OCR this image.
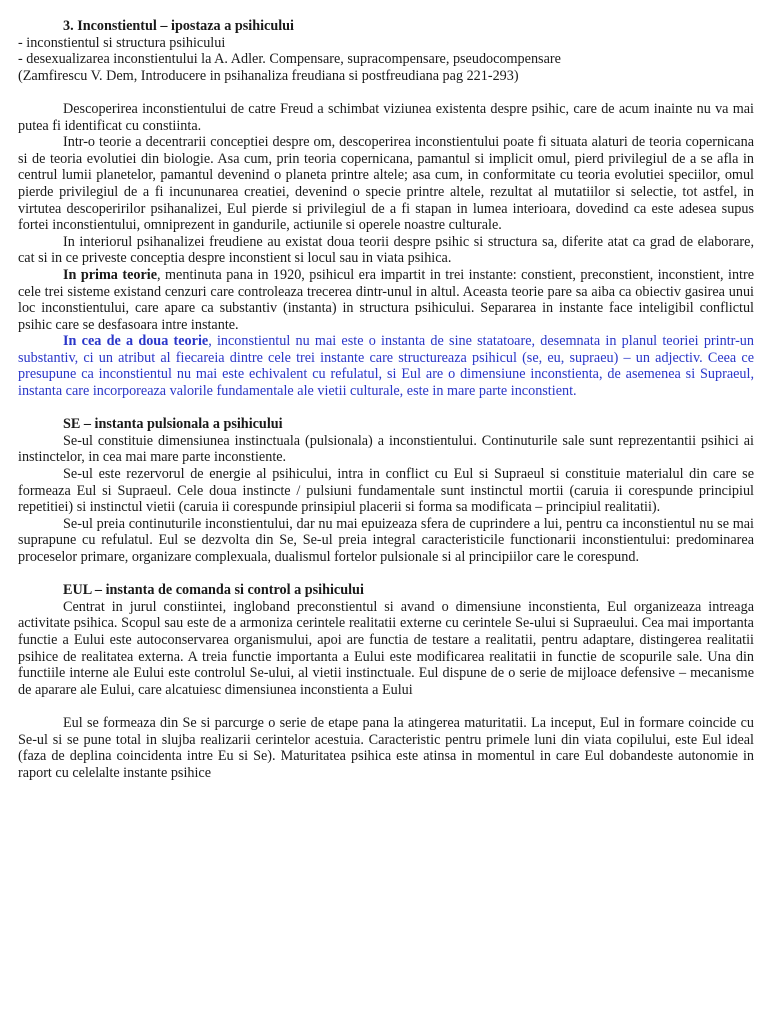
3. Inconstientul – ipostaza a psihicului
- inconstientul si structura psihicului
- desexualizarea inconstientului la A. Adler. Compensare, supracompensare, pseudocompensare
(Zamfirescu V. Dem, Introducere in psihanaliza freudiana si postfreudiana pag 221-293)

Descoperirea inconstientului de catre Freud a schimbat viziunea existenta despre psihic, care de acum inainte nu va mai putea fi identificat cu constiinta.

Intr-o teorie a decentrarii conceptiei despre om, descoperirea inconstientului poate fi situata alaturi de teoria copernicana si de teoria evolutiei din biologie. Asa cum, prin teoria copernicana, pamantul si implicit omul, pierd privilegiul de a se afla in centrul lumii planetelor, pamantul devenind o planeta printre altele; asa cum, in conformitate cu teoria evolutiei speciilor, omul pierde privilegiul de a fi incununarea creatiei, devenind o specie printre altele, rezultat al mutatiilor si selectie, tot astfel, in virtutea descoperirilor psihanalizei, Eul pierde si privilegiul de a fi stapan in lumea interioara, dovedind ca este adesea supus fortei inconstientului, omniprezent in gandurile, actiunile si operele noastre culturale.

In interiorul psihanalizei freudiene au existat doua teorii despre psihic si structura sa, diferite atat ca grad de elaborare, cat si in ce priveste conceptia despre inconstient si locul sau in viata psihica.

In prima teorie, mentinuta pana in 1920, psihicul era impartit in trei instante: constient, preconstient, inconstient, intre cele trei sisteme existand cenzuri care controleaza trecerea dintr-unul in altul. Aceasta teorie pare sa aiba ca obiectiv gasirea unui loc inconstientului, care apare ca substantiv (instanta) in structura psihicului. Separarea in instante face inteligibil conflictul psihic care se desfasoara intre instante.

In cea de a doua teorie, inconstientul nu mai este o instanta de sine statatoare, desemnata in planul teoriei printr-un substantiv, ci un atribut al fiecareia dintre cele trei instante care structureaza psihicul (se, eu, supraeu) – un adjectiv. Ceea ce presupune ca inconstientul nu mai este echivalent cu refulatul, si Eul are o dimensiune inconstienta, de asemenea si Supraeul, instanta care incorporeaza valorile fundamentale ale vietii culturale, este in mare parte inconstient.

SE – instanta pulsionala a psihicului

Se-ul constituie dimensiunea instinctuala (pulsionala) a inconstientului. Continuturile sale sunt reprezentantii psihici ai instinctelor, in cea mai mare parte inconstiente.

Se-ul este rezervorul de energie al psihicului, intra in conflict cu Eul si Supraeul si constituie materialul din care se formeaza Eul si Supraeul. Cele doua instincte / pulsiuni fundamentale sunt instinctul mortii (caruia ii corespunde principiul repetitiei) si instinctul vietii (caruia ii corespunde prinsipiul placerii si forma sa modificata – principiul realitatii).

Se-ul preia continuturile inconstientului, dar nu mai epuizeaza sfera de cuprindere a lui, pentru ca inconstientul nu se mai suprapune cu refulatul. Eul se dezvolta din Se, Se-ul preia integral caracteristicile functionarii inconstientului: predominarea proceselor primare, organizare complexuala, dualismul fortelor pulsionale si al principiilor care le corespund.

EUL – instanta de comanda si control a psihicului

Centrat in jurul constiintei, ingloband preconstientul si avand o dimensiune inconstienta, Eul organizeaza intreaga activitate psihica. Scopul sau este de a armoniza cerintele realitatii externe cu cerintele Se-ului si Supraeului. Cea mai importanta functie a Eului este autoconservarea organismului, apoi are functia de testare a realitatii, pentru adaptare, distingerea realitatii psihice de realitatea externa. A treia functie importanta a Eului este modificarea realitatii in functie de scopurile sale. Una din functiile interne ale Eului este controlul Se-ului, al vietii instinctuale. Eul dispune de o serie de mijloace defensive – mecanisme de aparare ale Eului, care alcatuiesc dimensiunea inconstienta a Eului

Eul se formeaza din Se si parcurge o serie de etape pana la atingerea maturitatii. La inceput, Eul in formare coincide cu Se-ul si se pune total in slujba realizarii cerintelor acestuia. Caracteristic pentru primele luni din viata copilului, este Eul ideal (faza de deplina coincidenta intre Eu si Se). Maturitatea psihica este atinsa in momentul in care Eul dobandeste autonomie in raport cu celelalte instante psihice
